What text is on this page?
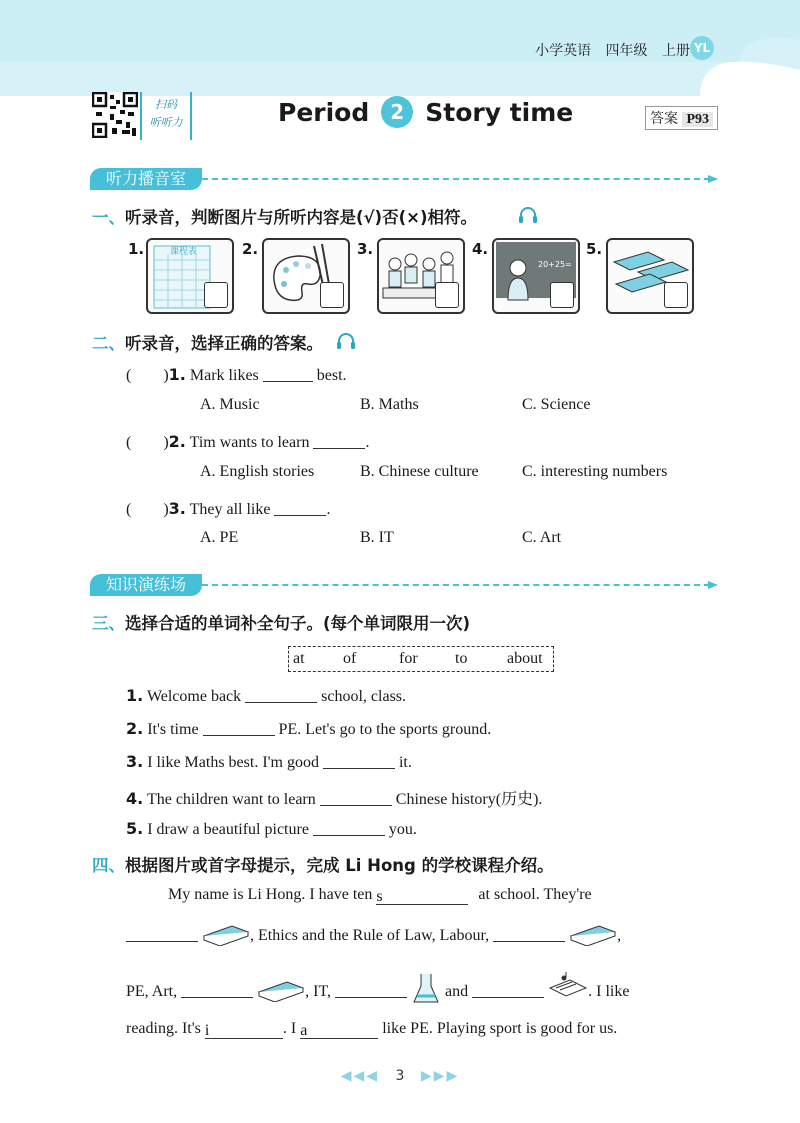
小学英语 四年级 上册 YL
扫码
听听力	Period 2 Story time	答案 P93
听力播音室
一、听录音，判断图片与所听内容是(√)否(×)相符。
1.	课程表	2.	3.	4.
20+25=
5.
二、听录音，选择正确的答案。
(　　)1. Mark likes	best.
A. Music	B. Maths	C. Science
(　　)2. Tim wants to learn	.
A. English stories	B. Chinese culture	C. interesting numbers
(　　)3. They all like	.
A. PE	B. IT	C. Art
知识演练场
三、选择合适的单词补全句子。(每个单词限用一次)
at of	for to about
1. Welcome back	school, class.
2. It's time	PE. Let's go to the sports ground.
3. I like Maths best. I'm good	it.
4. The children want to learn	Chinese history(历史).
5. I draw a beautiful picture	you.
四、根据图片或首字母提示，完成 Li Hong 的学校课程介绍。
My name is Li Hong. I have ten s	at school. They're
, Ethics and the Rule of Law, Labour,	,
PE, Art,	, IT,	and	. I like
reading. It's i	. I a	like PE. Playing sport is good for us.
◀◀◀ 3 ▶▶▶
